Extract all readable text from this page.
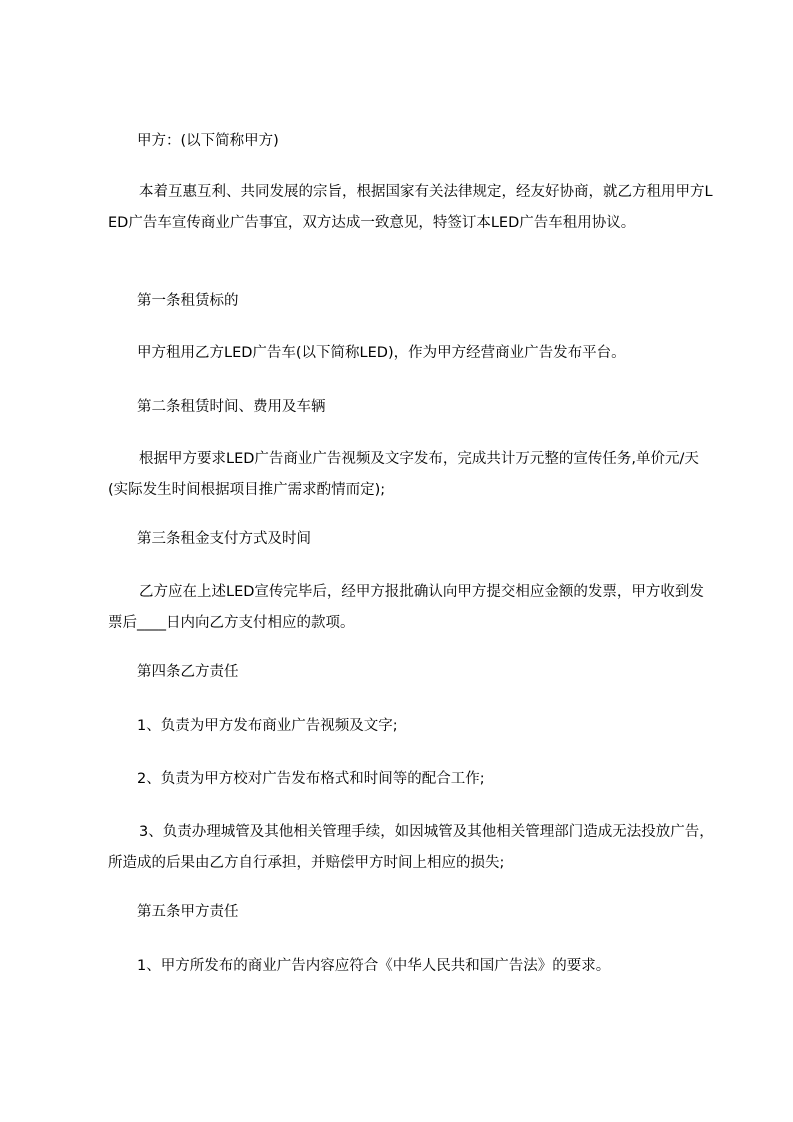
甲方：(以下简称甲方)

本着互惠互利、共同发展的宗旨，根据国家有关法律规定，经友好协商，就乙方租用甲方LED广告车宣传商业广告事宜，双方达成一致意见，特签订本LED广告车租用协议。

第一条租赁标的

甲方租用乙方LED广告车(以下简称LED)，作为甲方经营商业广告发布平台。

第二条租赁时间、费用及车辆

根据甲方要求LED广告商业广告视频及文字发布，完成共计万元整的宣传任务,单价元/天(实际发生时间根据项目推广需求酌情而定);

第三条租金支付方式及时间

乙方应在上述LED宣传完毕后，经甲方报批确认向甲方提交相应金额的发票，甲方收到发票后____日内向乙方支付相应的款项。

第四条乙方责任

1、负责为甲方发布商业广告视频及文字;

2、负责为甲方校对广告发布格式和时间等的配合工作;

3、负责办理城管及其他相关管理手续，如因城管及其他相关管理部门造成无法投放广告，所造成的后果由乙方自行承担，并赔偿甲方时间上相应的损失;

第五条甲方责任

1、甲方所发布的商业广告内容应符合《中华人民共和国广告法》的要求。
